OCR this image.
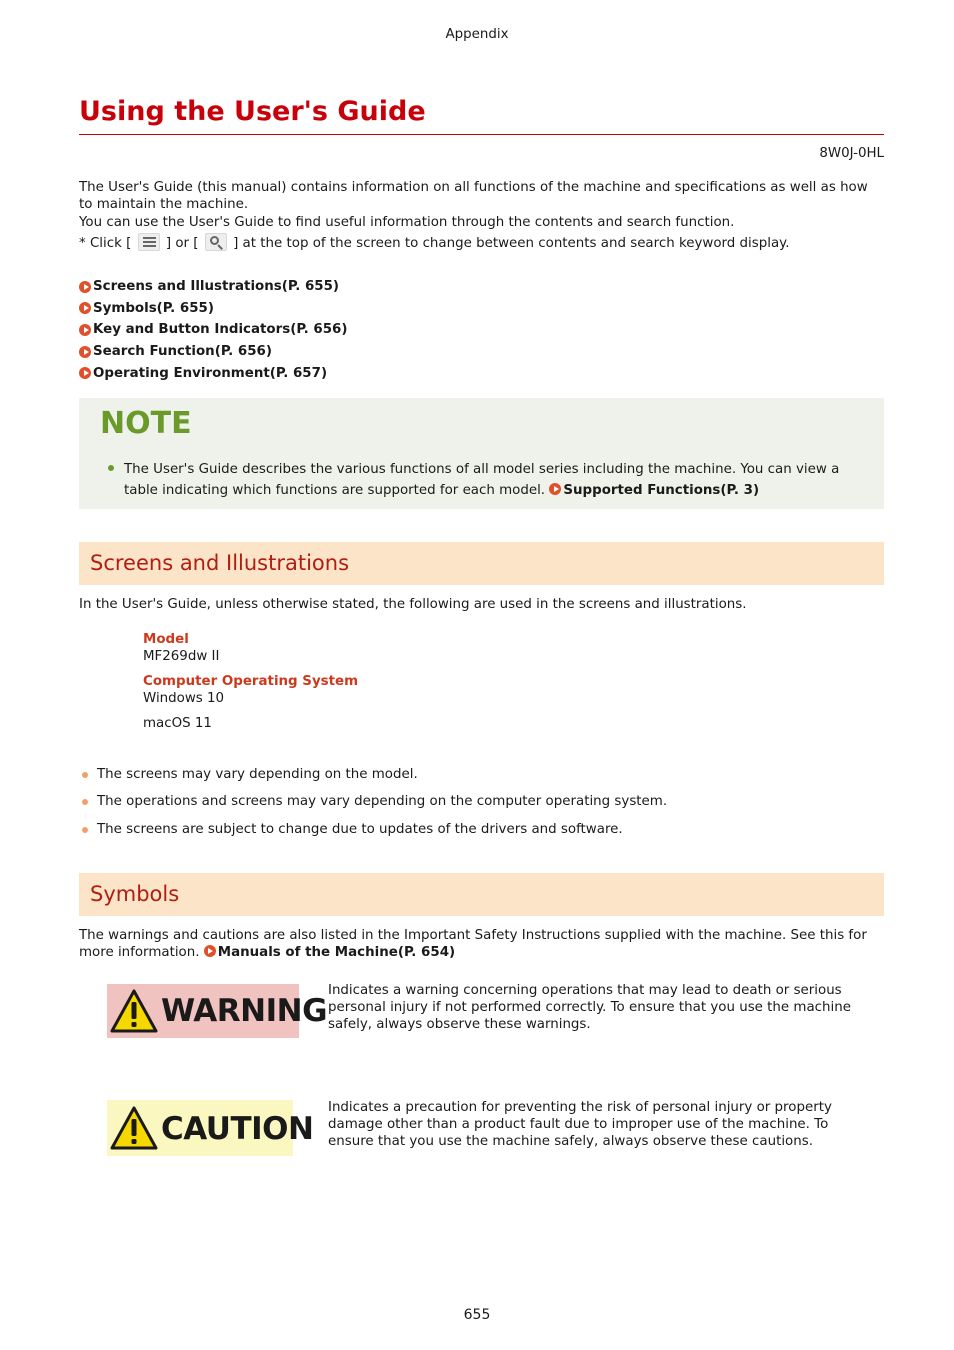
Appendix
Using the User's Guide
8W0J-0HL
The User's Guide (this manual) contains information on all functions of the machine and specifications as well as how
to maintain the machine.
You can use the User's Guide to find useful information through the contents and search function.
* Click [	] or [	] at the top of the screen to change between contents and search keyword display.
Screens and Illustrations(P. 655)
Symbols(P. 655)
Key and Button Indicators(P. 656)
Search Function(P. 656)
Operating Environment(P. 657)
NOTE
The User's Guide describes the various functions of all model series including the machine. You can view a
table indicating which functions are supported for each model. Supported Functions(P. 3)
Screens and Illustrations
In the User's Guide, unless otherwise stated, the following are used in the screens and illustrations.
Model
MF269dw II
Computer Operating System
Windows 10
macOS 11
The screens may vary depending on the model.
The operations and screens may vary depending on the computer operating system.
The screens are subject to change due to updates of the drivers and software.
Symbols
The warnings and cautions are also listed in the Important Safety Instructions supplied with the machine. See this for
more information. Manuals of the Machine(P. 654)
WARNING
Indicates a warning concerning operations that may lead to death or serious
personal injury if not performed correctly. To ensure that you use the machine
safely, always observe these warnings.
CAUTION
Indicates a precaution for preventing the risk of personal injury or property
damage other than a product fault due to improper use of the machine. To
ensure that you use the machine safely, always observe these cautions.
655
